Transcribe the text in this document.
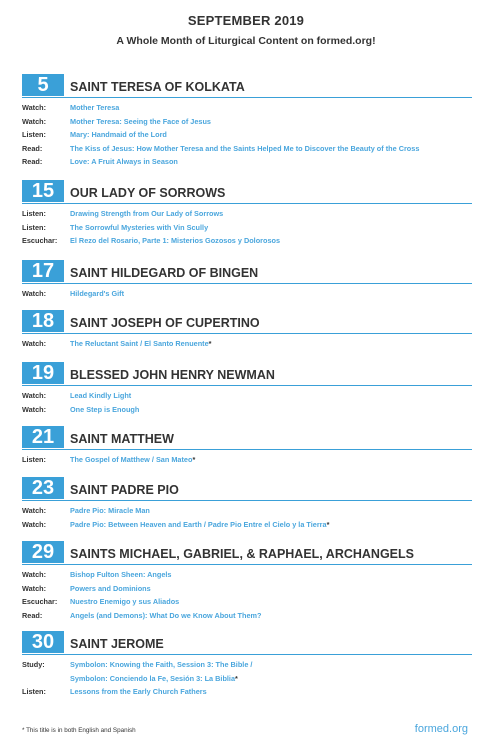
SEPTEMBER 2019
A Whole Month of Liturgical Content on formed.org!
5	SAINT TERESA OF KOLKATA
Watch:	Mother Teresa
Watch:	Mother Teresa: Seeing the Face of Jesus
Listen:	Mary: Handmaid of the Lord
Read:	The Kiss of Jesus: How Mother Teresa and the Saints Helped Me to Discover the Beauty of the Cross
Read:	Love: A Fruit Always in Season
15	OUR LADY OF SORROWS
Listen:	Drawing Strength from Our Lady of Sorrows
Listen:	The Sorrowful Mysteries with Vin Scully
Escuchar: El Rezo del Rosario, Parte 1: Misterios Gozosos y Dolorosos
17	SAINT HILDEGARD OF BINGEN
Watch:	Hildegard's Gift
18	SAINT JOSEPH OF CUPERTINO
Watch:	The Reluctant Saint / El Santo Renuente*
19	BLESSED JOHN HENRY NEWMAN
Watch:	Lead Kindly Light
Watch:	One Step is Enough
21	SAINT MATTHEW
Listen:	The Gospel of Matthew / San Mateo*
23	SAINT PADRE PIO
Watch:	Padre Pio: Miracle Man
Watch:	Padre Pio: Between Heaven and Earth / Padre Pio Entre el Cielo y la Tierra*
29	SAINTS MICHAEL, GABRIEL, & RAPHAEL, ARCHANGELS
Watch:	Bishop Fulton Sheen: Angels
Watch:	Powers and Dominions
Escuchar: Nuestro Enemigo y sus Aliados
Read:	Angels (and Demons): What Do we Know About Them?
30	SAINT JEROME
Study:	Symbolon: Knowing the Faith, Session 3: The Bible /
Symbolon: Conciendo la Fe, Sesión 3: La Biblia*
Listen:	Lessons from the Early Church Fathers
* This title is in both English and Spanish	formed.org
